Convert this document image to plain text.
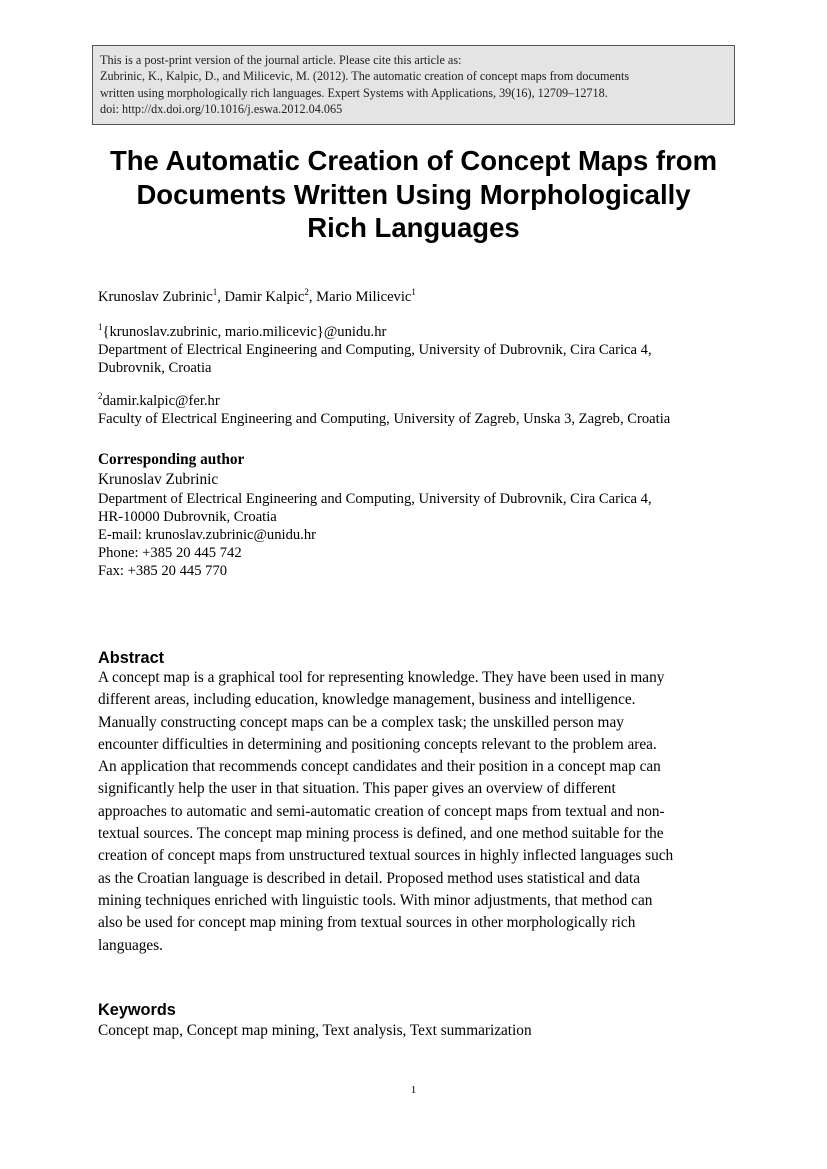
This is a post-print version of the journal article. Please cite this article as:
Zubrinic, K., Kalpic, D., and Milicevic, M. (2012). The automatic creation of concept maps from documents
written using morphologically rich languages. Expert Systems with Applications, 39(16), 12709–12718.
doi: http://dx.doi.org/10.1016/j.eswa.2012.04.065
The Automatic Creation of Concept Maps from
Documents Written Using Morphologically
Rich Languages
Krunoslav Zubrinic$^1$, Damir Kalpic$^2$, Mario Milicevic$^1$
$^1${krunoslav.zubrinic, mario.milicevic}@unidu.hr
Department of Electrical Engineering and Computing, University of Dubrovnik, Cira Carica 4,
Dubrovnik, Croatia
$^2$damir.kalpic@fer.hr
Faculty of Electrical Engineering and Computing, University of Zagreb, Unska 3, Zagreb, Croatia
Corresponding author
Krunoslav Zubrinic
Department of Electrical Engineering and Computing, University of Dubrovnik, Cira Carica 4,
HR-10000 Dubrovnik, Croatia
E-mail: krunoslav.zubrinic@unidu.hr
Phone: +385 20 445 742
Fax: +385 20 445 770
Abstract
A concept map is a graphical tool for representing knowledge. They have been used in many
different areas, including education, knowledge management, business and intelligence.
Manually constructing concept maps can be a complex task; the unskilled person may
encounter difficulties in determining and positioning concepts relevant to the problem area.
An application that recommends concept candidates and their position in a concept map can
significantly help the user in that situation. This paper gives an overview of different
approaches to automatic and semi-automatic creation of concept maps from textual and non-
textual sources. The concept map mining process is defined, and one method suitable for the
creation of concept maps from unstructured textual sources in highly inflected languages such
as the Croatian language is described in detail. Proposed method uses statistical and data
mining techniques enriched with linguistic tools. With minor adjustments, that method can
also be used for concept map mining from textual sources in other morphologically rich
languages.
Keywords
Concept map, Concept map mining, Text analysis, Text summarization
1
